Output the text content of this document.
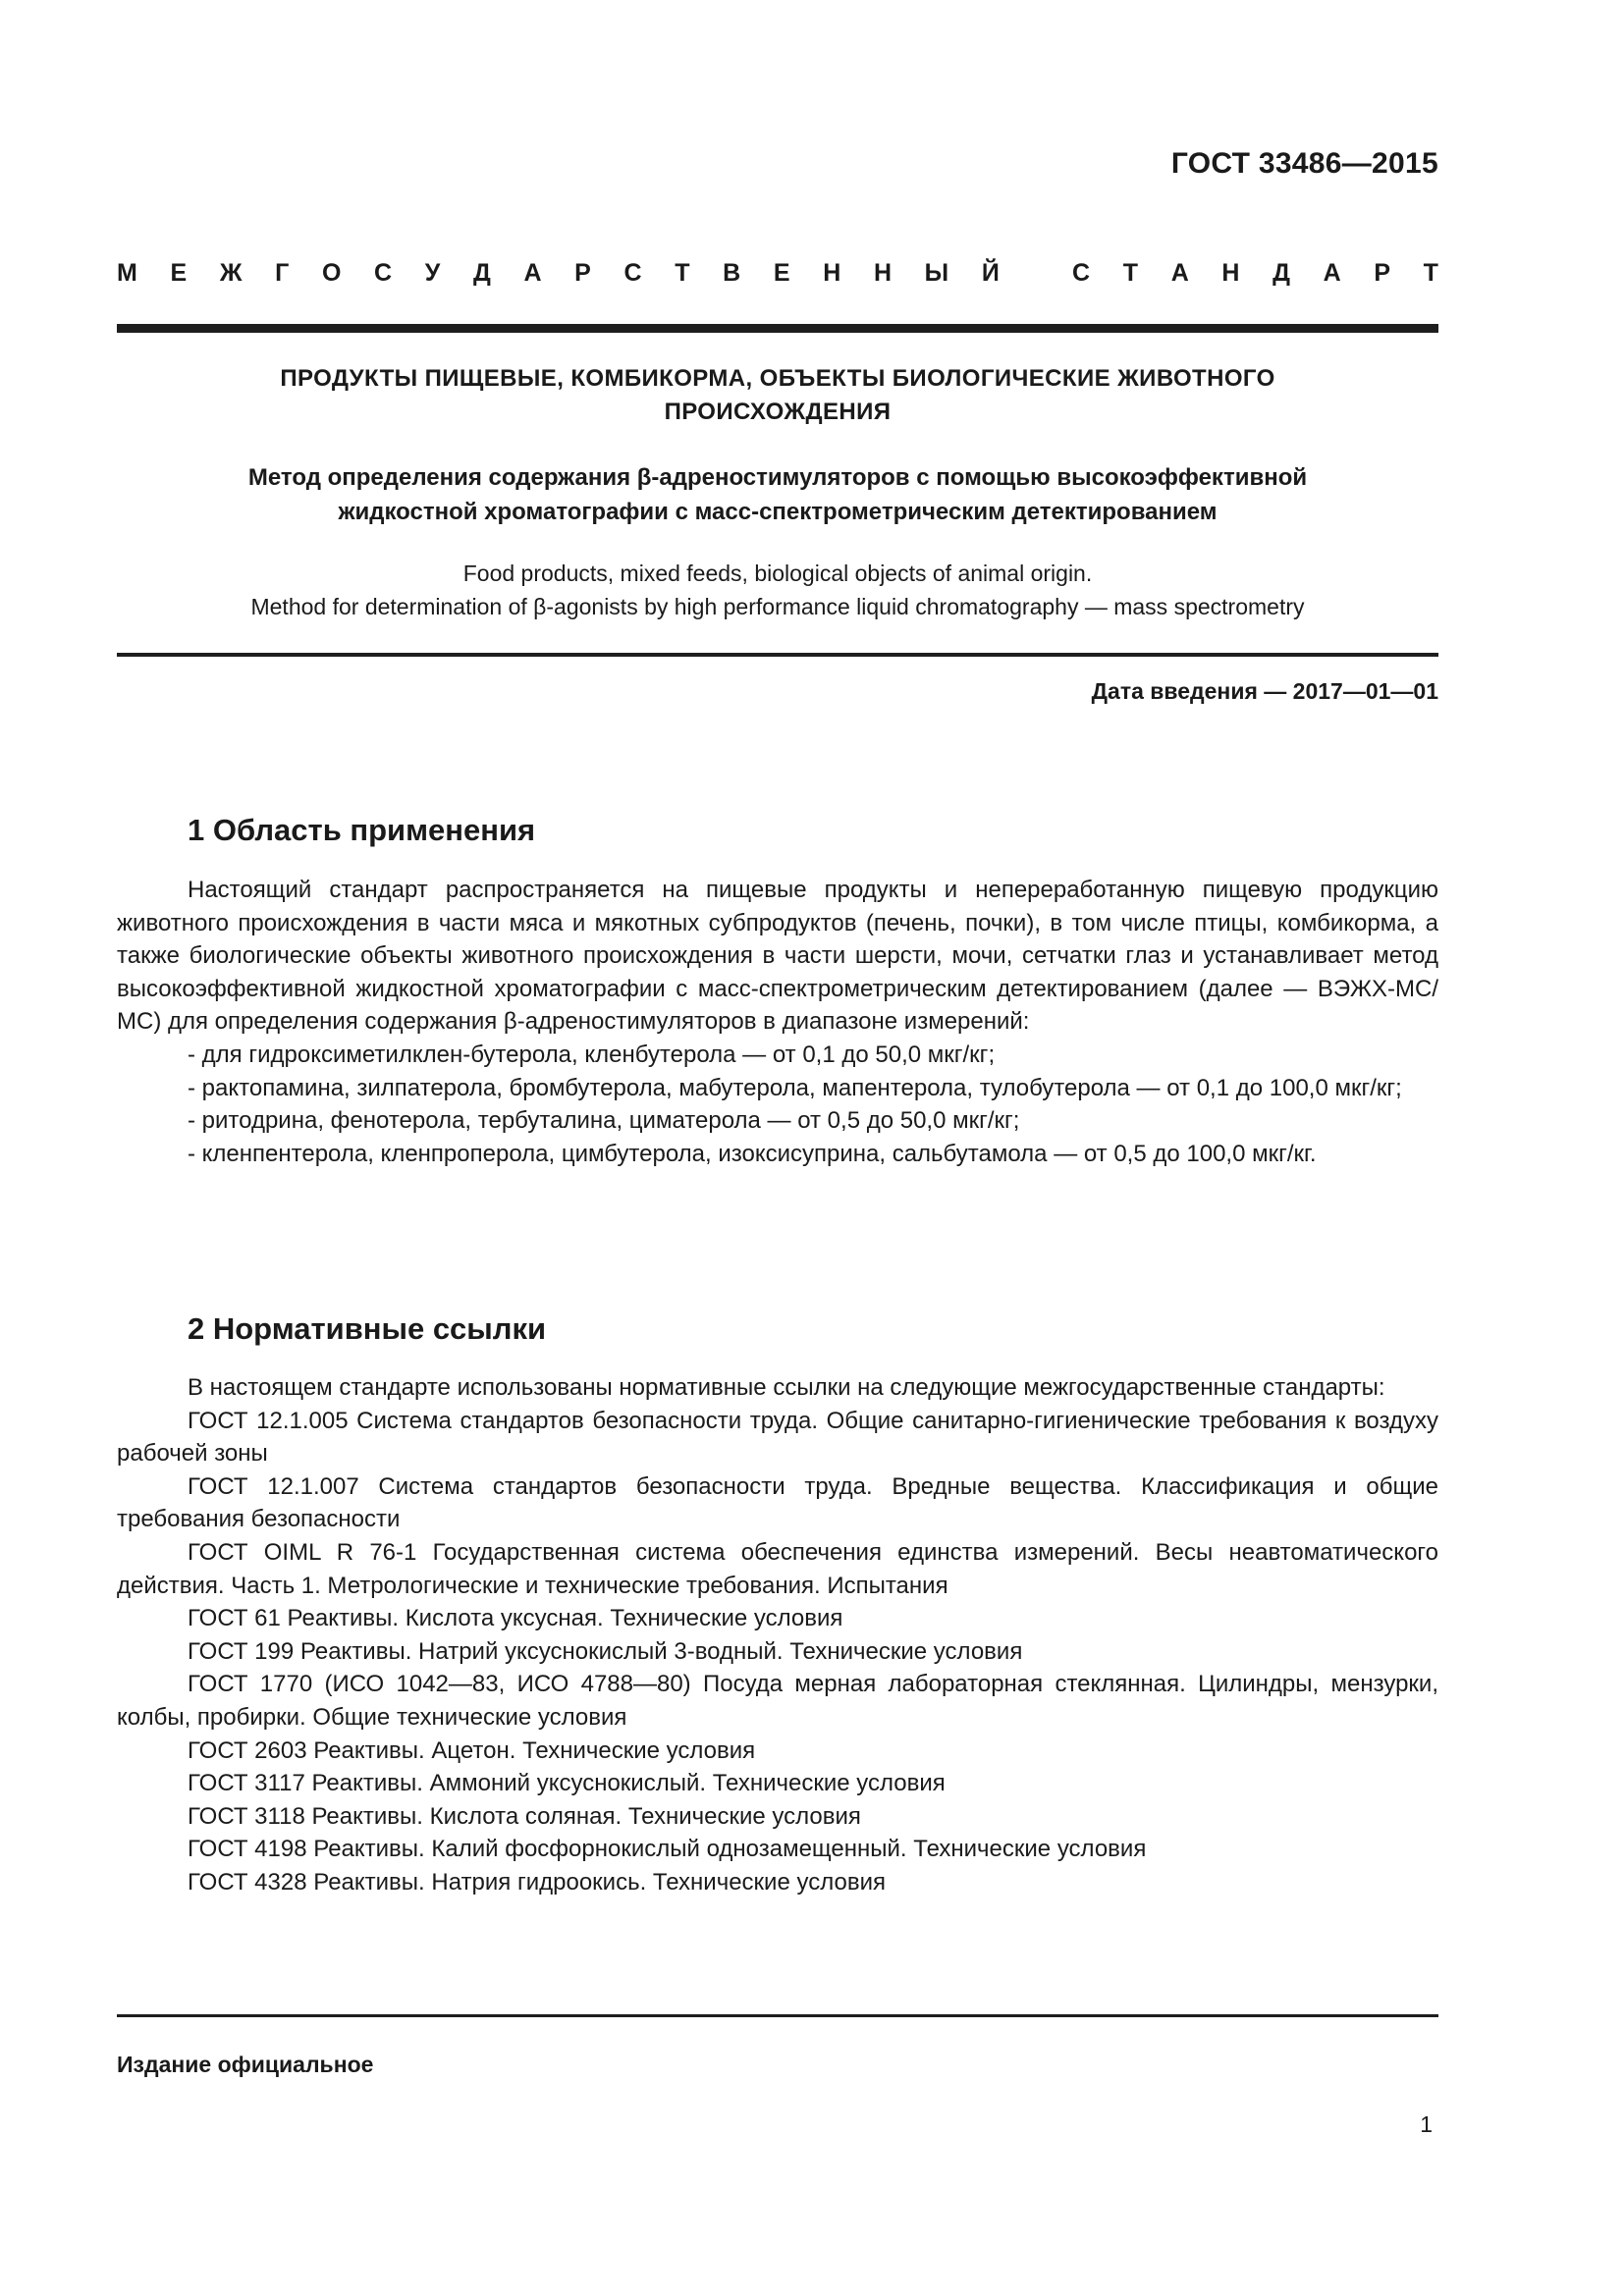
ГОСТ 33486—2015
М Е Ж Г О С У Д А Р С Т В Е Н Н Ы Й
	С Т А Н Д А Р Т
ПРОДУКТЫ ПИЩЕВЫЕ, КОМБИКОРМА, ОБЪЕКТЫ БИОЛОГИЧЕСКИЕ ЖИВОТНОГО
ПРОИСХОЖДЕНИЯ
Метод определения содержания β-адреностимуляторов с помощью высокоэффективной
жидкостной хроматографии с масс-спектрометрическим детектированием
Food products, mixed feeds, biological objects of animal origin.
Method for determination of β-agonists by high performance liquid chromatography — mass spectrometry
Дата введения — 2017—01—01
1 Область применения

Настоящий стандарт распространяется на пищевые продукты и непереработанную пищевую продукцию животного происхождения в части мяса и мякотных субпродуктов (печень, почки), в том числе птицы, комбикорма, а также биологические объекты животного происхождения в части шерсти, мочи, сетчатки глаз и устанавливает метод высокоэффективной жидкостной хроматографии с масс-спектрометрическим детектированием (далее — ВЭЖХ-МС/МС) для определения содержания β-адреностимуляторов в диапазоне измерений:

- для гидроксиметилклен-бутерола, кленбутерола — от 0,1 до 50,0 мкг/кг;

- рактопамина, зилпатерола, бромбутерола, мабутерола, мапентерола, тулобутерола — от 0,1 до 100,0 мкг/кг;

- ритодрина, фенотерола, тербуталина, циматерола — от 0,5 до 50,0 мкг/кг;

- кленпентерола, кленпроперола, цимбутерола, изоксисуприна, сальбутамола — от 0,5 до 100,0 мкг/кг.

2 Нормативные ссылки

В настоящем стандарте использованы нормативные ссылки на следующие межгосударственные стандарты:

ГОСТ 12.1.005 Система стандартов безопасности труда. Общие санитарно-гигиенические требования к воздуху рабочей зоны

ГОСТ 12.1.007 Система стандартов безопасности труда. Вредные вещества. Классификация и общие требования безопасности

ГОСТ OIML R 76-1 Государственная система обеспечения единства измерений. Весы неавтоматического действия. Часть 1. Метрологические и технические требования. Испытания

ГОСТ 61 Реактивы. Кислота уксусная. Технические условия

ГОСТ 199 Реактивы. Натрий уксуснокислый 3-водный. Технические условия

ГОСТ 1770 (ИСО 1042—83, ИСО 4788—80) Посуда мерная лабораторная стеклянная. Цилиндры, мензурки, колбы, пробирки. Общие технические условия

ГОСТ 2603 Реактивы. Ацетон. Технические условия

ГОСТ 3117 Реактивы. Аммоний уксуснокислый. Технические условия

ГОСТ 3118 Реактивы. Кислота соляная. Технические условия

ГОСТ 4198 Реактивы. Калий фосфорнокислый однозамещенный. Технические условия

ГОСТ 4328 Реактивы. Натрия гидроокись. Технические условия

Издание официальное
1
